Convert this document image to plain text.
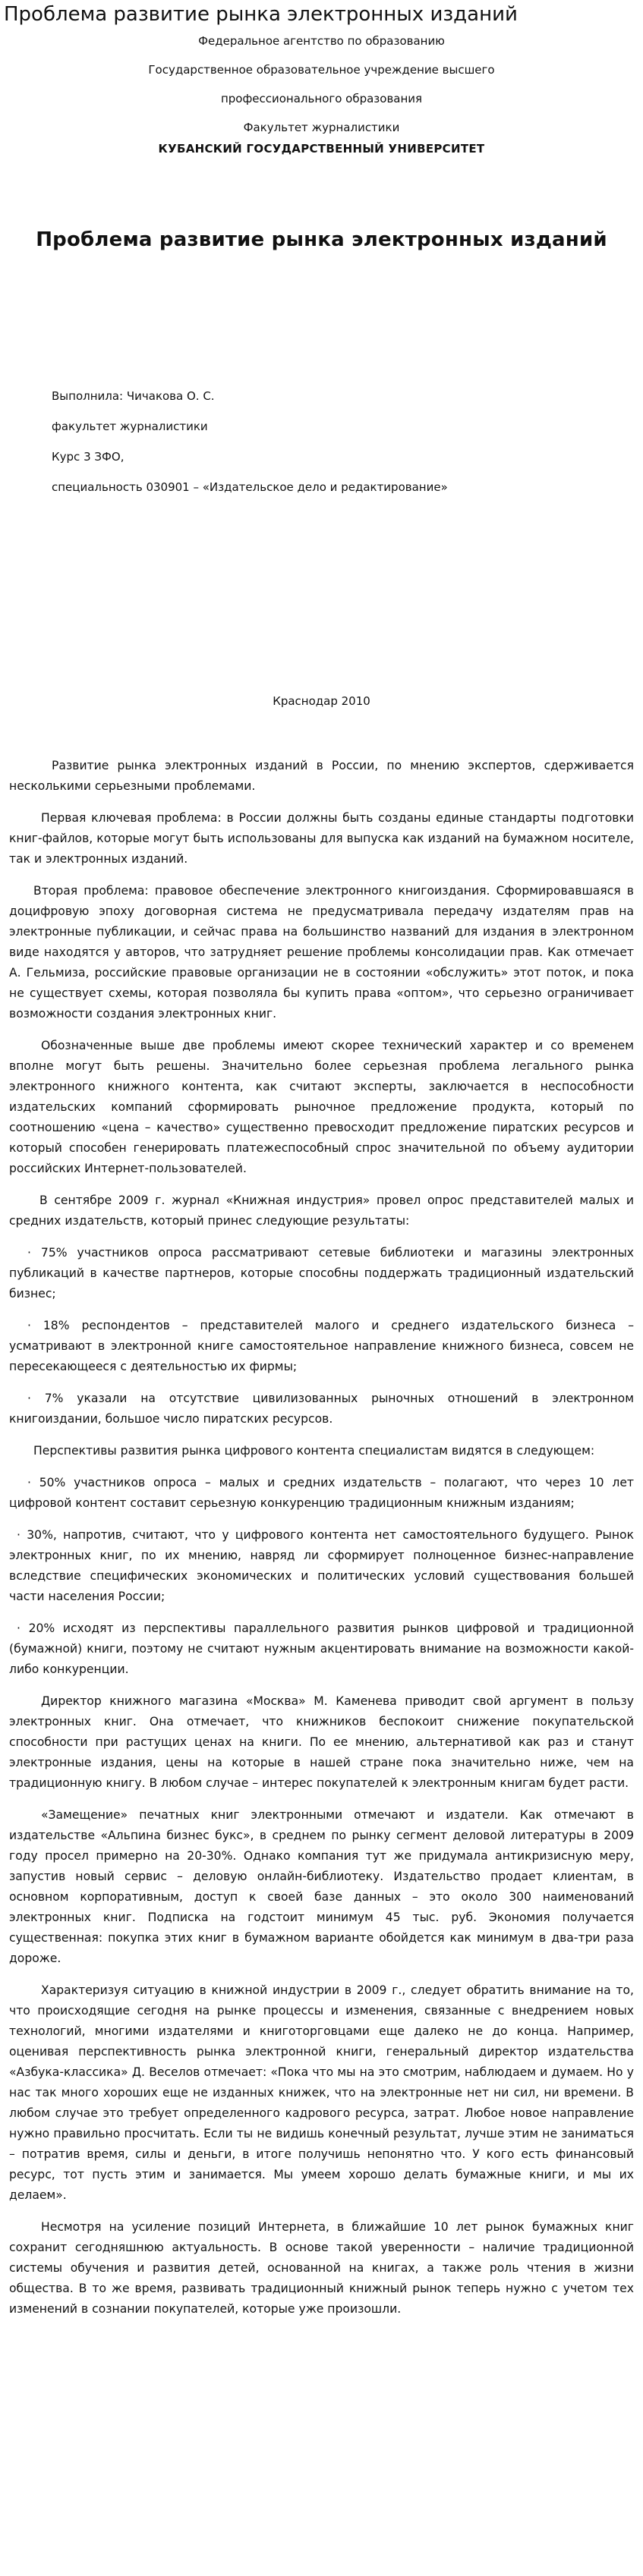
Проблема развитие рынка электронных изданий

Федеральное агентство по образованию

Государственное образовательное учреждение высшего

профессионального образования

Факультет журналистики

КУБАНСКИЙ ГОСУДАРСТВЕННЫЙ УНИВЕРСИТЕТ

Проблема развитие рынка электронных изданий

Выполнила: Чичакова О. С.

факультет журналистики

Курс 3 ЗФО,

специальность 030901 – «Издательское дело и редактирование»

Краснодар 2010

Развитие рынка электронных изданий в России, по мнению экспертов, сдерживается несколькими серьезными проблемами.

Первая ключевая проблема: в России должны быть созданы единые стандарты подготовки книг-файлов, которые могут быть использованы для выпуска как изданий на бумажном носителе, так и электронных изданий.

Вторая проблема: правовое обеспечение электронного книгоиздания. Сформировавшаяся в доцифровую эпоху договорная система не предусматривала передачу издателям прав на электронные публикации, и сейчас права на большинство названий для издания в электронном виде находятся у авторов, что затрудняет решение проблемы консолидации прав. Как отмечает А. Гельмиза, российские правовые организации не в состоянии «обслужить» этот поток, и пока не существует схемы, которая позволяла бы купить права «оптом», что серьезно ограничивает возможности создания электронных книг.

Обозначенные выше две проблемы имеют скорее технический характер и со временем вполне могут быть решены. Значительно более серьезная проблема легального рынка электронного книжного контента, как считают эксперты, заключается в неспособности издательских компаний сформировать рыночное предложение продукта, который по соотношению «цена – качество» существенно превосходит предложение пиратских ресурсов и который способен генерировать платежеспособный спрос значительной по объему аудитории российских Интернет-пользователей.

В сентябре 2009 г. журнал «Книжная индустрия» провел опрос представителей малых и средних издательств, который принес следующие результаты:

· 75% участников опроса рассматривают сетевые библиотеки и магазины электронных публикаций в качестве партнеров, которые способны поддержать традиционный издательский бизнес;

· 18% респондентов – представителей малого и среднего издательского бизнеса – усматривают в электронной книге самостоятельное направление книжного бизнеса, совсем не пересекающееся с деятельностью их фирмы;

· 7% указали на отсутствие цивилизованных рыночных отношений в электронном книгоиздании, большое число пиратских ресурсов.

Перспективы развития рынка цифрового контента специалистам видятся в следующем:

· 50% участников опроса – малых и средних издательств – полагают, что через 10 лет цифровой контент составит серьезную конкуренцию традиционным книжным изданиям;

· 30%, напротив, считают, что у цифрового контента нет самостоятельного будущего. Рынок электронных книг, по их мнению, навряд ли сформирует полноценное бизнес-направление вследствие специфических экономических и политических условий существования большей части населения России;

· 20% исходят из перспективы параллельного развития рынков цифровой и традиционной (бумажной) книги, поэтому не считают нужным акцентировать внимание на возможности какой-либо конкуренции.

Директор книжного магазина «Москва» М. Каменева приводит свой аргумент в пользу электронных книг. Она отмечает, что книжников беспокоит снижение покупательской способности при растущих ценах на книги. По ее мнению, альтернативой как раз и станут электронные издания, цены на которые в нашей стране пока значительно ниже, чем на традиционную книгу. В любом случае – интерес покупателей к электронным книгам будет расти.

«Замещение» печатных книг электронными отмечают и издатели. Как отмечают в издательстве «Альпина бизнес букс», в среднем по рынку сегмент деловой литературы в 2009 году просел примерно на 20-30%. Однако компания тут же придумала антикризисную меру, запустив новый сервис – деловую онлайн-библиотеку. Издательство продает клиентам, в основном корпоративным, доступ к своей базе данных – это около 300 наименований электронных книг. Подписка на годстоит минимум 45 тыс. руб. Экономия получается существенная: покупка этих книг в бумажном варианте обойдется как минимум в два-три раза дороже.

Характеризуя ситуацию в книжной индустрии в 2009 г., следует обратить внимание на то, что происходящие сегодня на рынке процессы и изменения, связанные с внедрением новых технологий, многими издателями и книготорговцами еще далеко не до конца. Например, оценивая перспективность рынка электронной книги, генеральный директор издательства «Азбука-классика» Д. Веселов отмечает: «Пока что мы на это смотрим, наблюдаем и думаем. Но у нас так много хороших еще не изданных книжек, что на электронные нет ни сил, ни времени. В любом случае это требует определенного кадрового ресурса, затрат. Любое новое направление нужно правильно просчитать. Если ты не видишь конечный результат, лучше этим не заниматься – потратив время, силы и деньги, в итоге получишь непонятно что. У кого есть финансовый ресурс, тот пусть этим и занимается. Мы умеем хорошо делать бумажные книги, и мы их делаем».

Несмотря на усиление позиций Интернета, в ближайшие 10 лет рынок бумажных книг сохранит сегодняшнюю актуальность. В основе такой уверенности – наличие традиционной системы обучения и развития детей, основанной на книгах, а также роль чтения в жизни общества. В то же время, развивать традиционный книжный рынок теперь нужно с учетом тех изменений в сознании покупателей, которые уже произошли.
